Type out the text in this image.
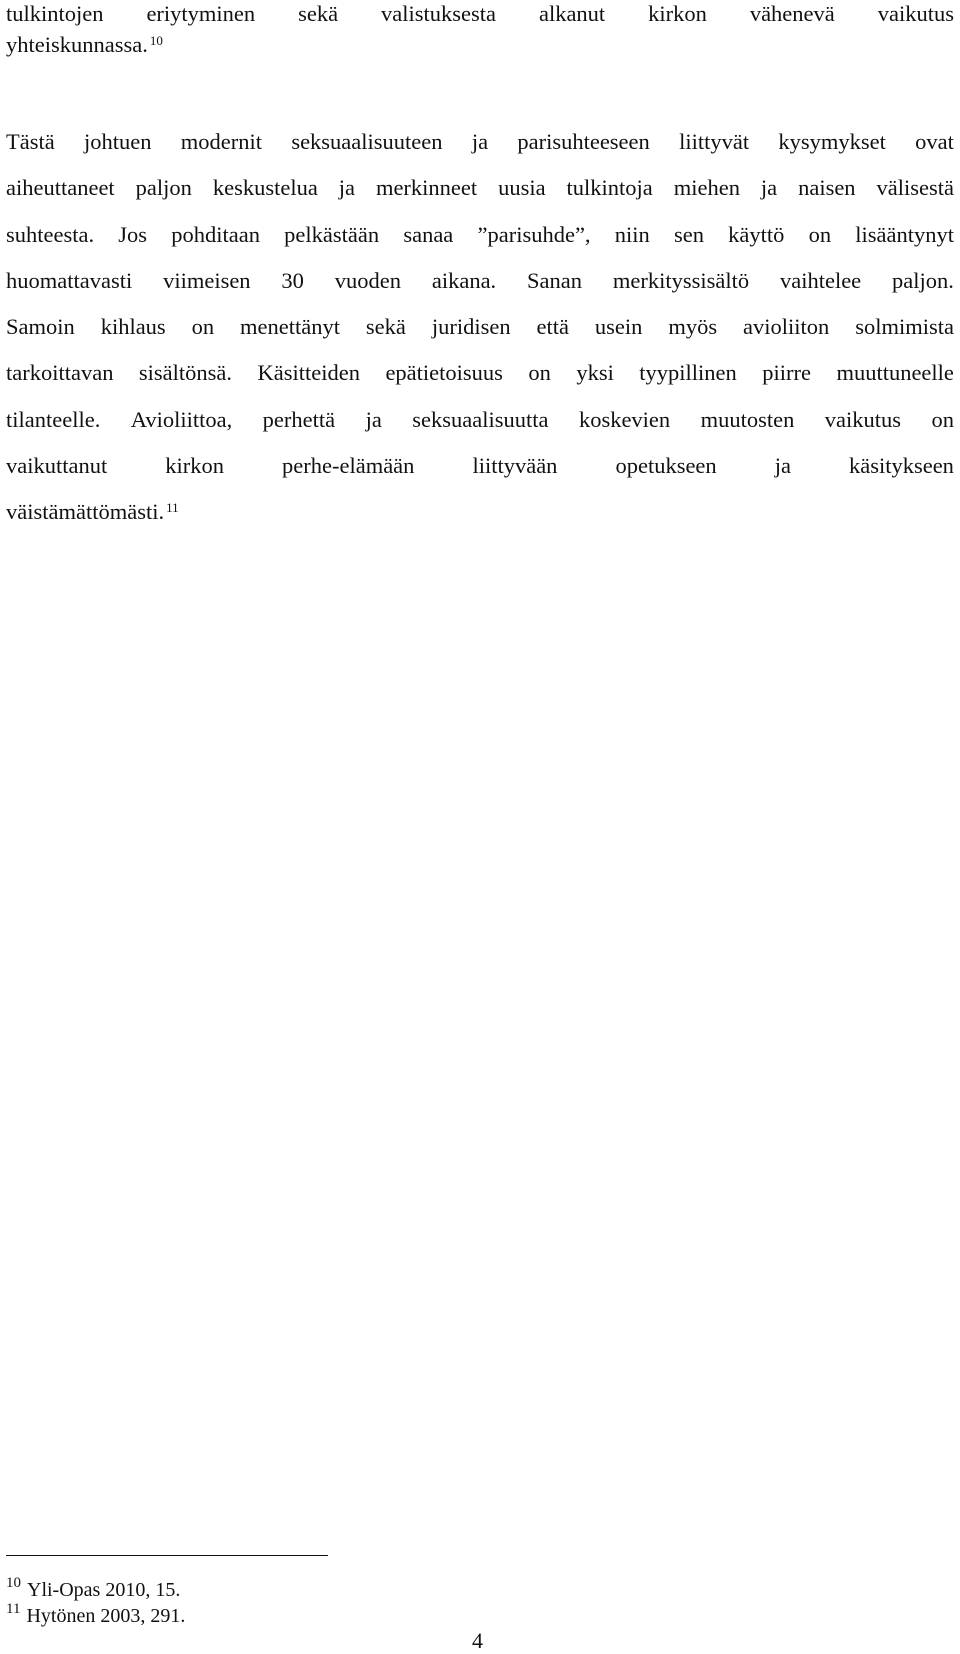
tulkintojen eriytyminen sekä valistuksesta alkanut kirkon vähenevä vaikutus
yhteiskunnassa. $^{10}$
Tästä johtuen modernit seksuaalisuuteen ja parisuhteeseen liittyvät kysymykset ovat
aiheuttaneet paljon keskustelua ja merkinneet uusia tulkintoja miehen ja naisen välisestä
suhteesta. Jos pohditaan pelkästään sanaa ”parisuhde”, niin sen käyttö on lisääntynyt
huomattavasti viimeisen 30 vuoden aikana. Sanan merkityssisältö vaihtelee paljon.
Samoin kihlaus on menettänyt sekä juridisen että usein myös avioliiton solmimista
tarkoittavan sisältönsä. Käsitteiden epätietoisuus on yksi tyypillinen piirre muuttuneelle
tilanteelle. Avioliittoa, perhettä ja seksuaalisuutta koskevien muutosten vaikutus on
vaikuttanut	kirkon	perhe-elämään	liittyvään	opetukseen	ja	käsitykseen
väistämättömästi. $^{11}$
$^{10}$ Yli-Opas 2010, 15.
$^{11}$ Hytönen 2003, 291.
4
